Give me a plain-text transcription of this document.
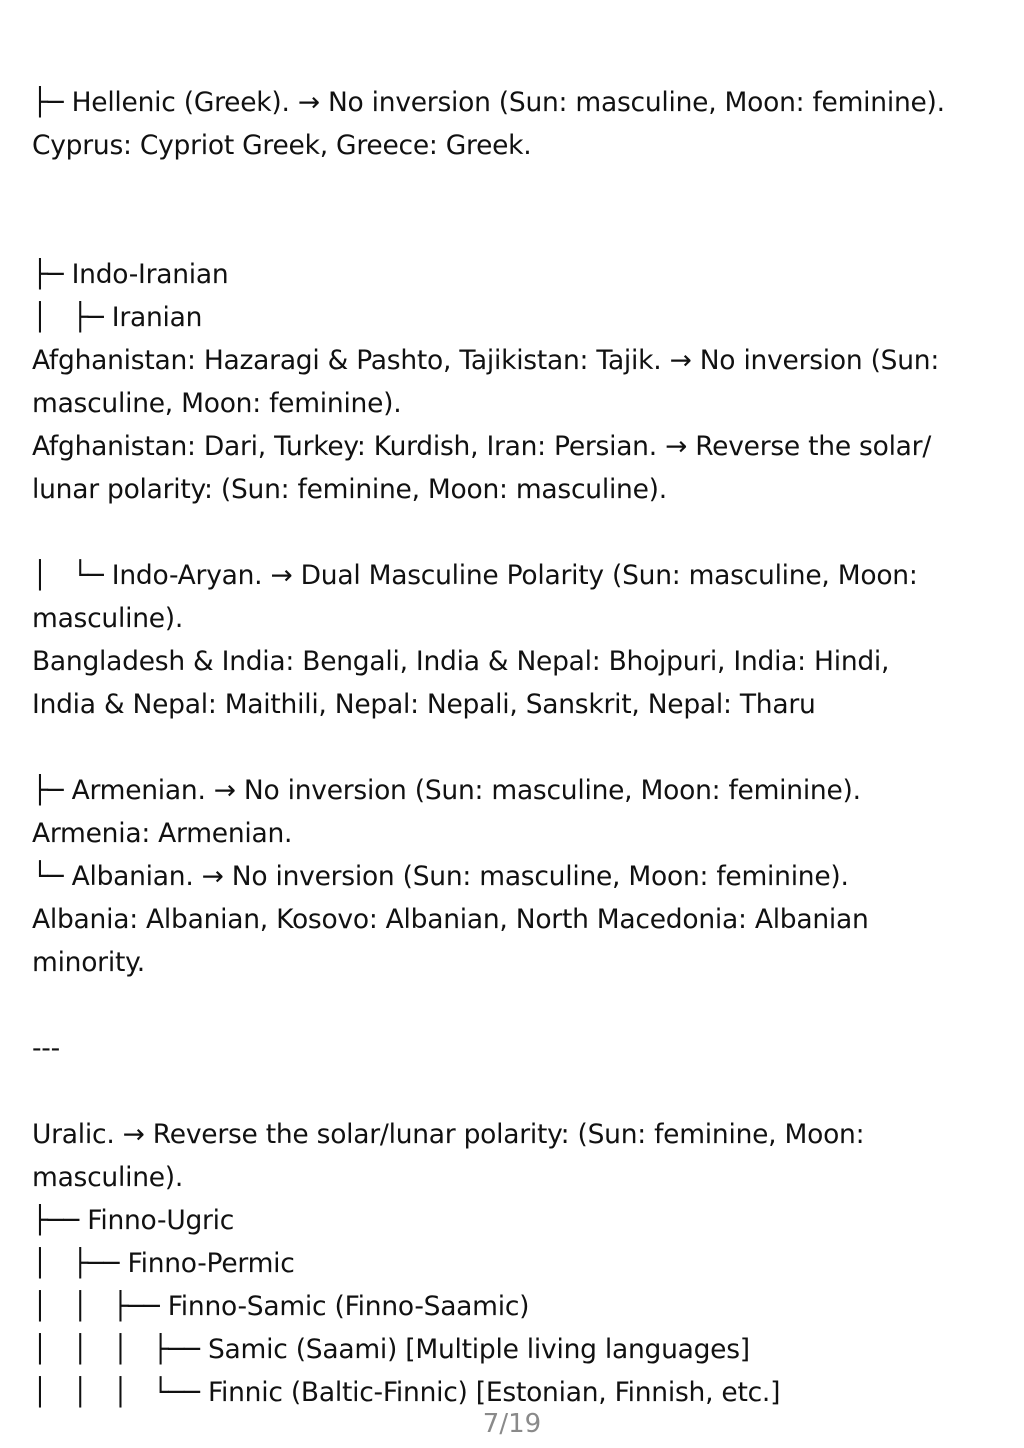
├─ Hellenic (Greek). → No inversion (Sun: masculine, Moon: feminine).
Cyprus: Cypriot Greek, Greece: Greek.
├─ Indo-Iranian
│   ├─ Iranian
Afghanistan: Hazaragi & Pashto, Tajikistan: Tajik. → No inversion (Sun:
masculine, Moon: feminine).
Afghanistan: Dari, Turkey: Kurdish, Iran: Persian. → Reverse the solar/
lunar polarity: (Sun: feminine, Moon: masculine).
│   └─ Indo-Aryan. → Dual Masculine Polarity (Sun: masculine, Moon:
masculine).
Bangladesh & India: Bengali, India & Nepal: Bhojpuri, India: Hindi,
India & Nepal: Maithili, Nepal: Nepali, Sanskrit, Nepal: Tharu
├─ Armenian. → No inversion (Sun: masculine, Moon: feminine).
Armenia: Armenian.
└─ Albanian. → No inversion (Sun: masculine, Moon: feminine).
Albania: Albanian, Kosovo: Albanian, North Macedonia: Albanian
minority.
---
Uralic. → Reverse the solar/lunar polarity: (Sun: feminine, Moon:
masculine).
├── Finno-Ugric
│   ├── Finno-Permic
│   │   ├── Finno-Samic (Finno-Saamic)
│   │   │   ├── Samic (Saami) [Multiple living languages]
│   │   │   └── Finnic (Baltic-Finnic) [Estonian, Finnish, etc.]
7/19
